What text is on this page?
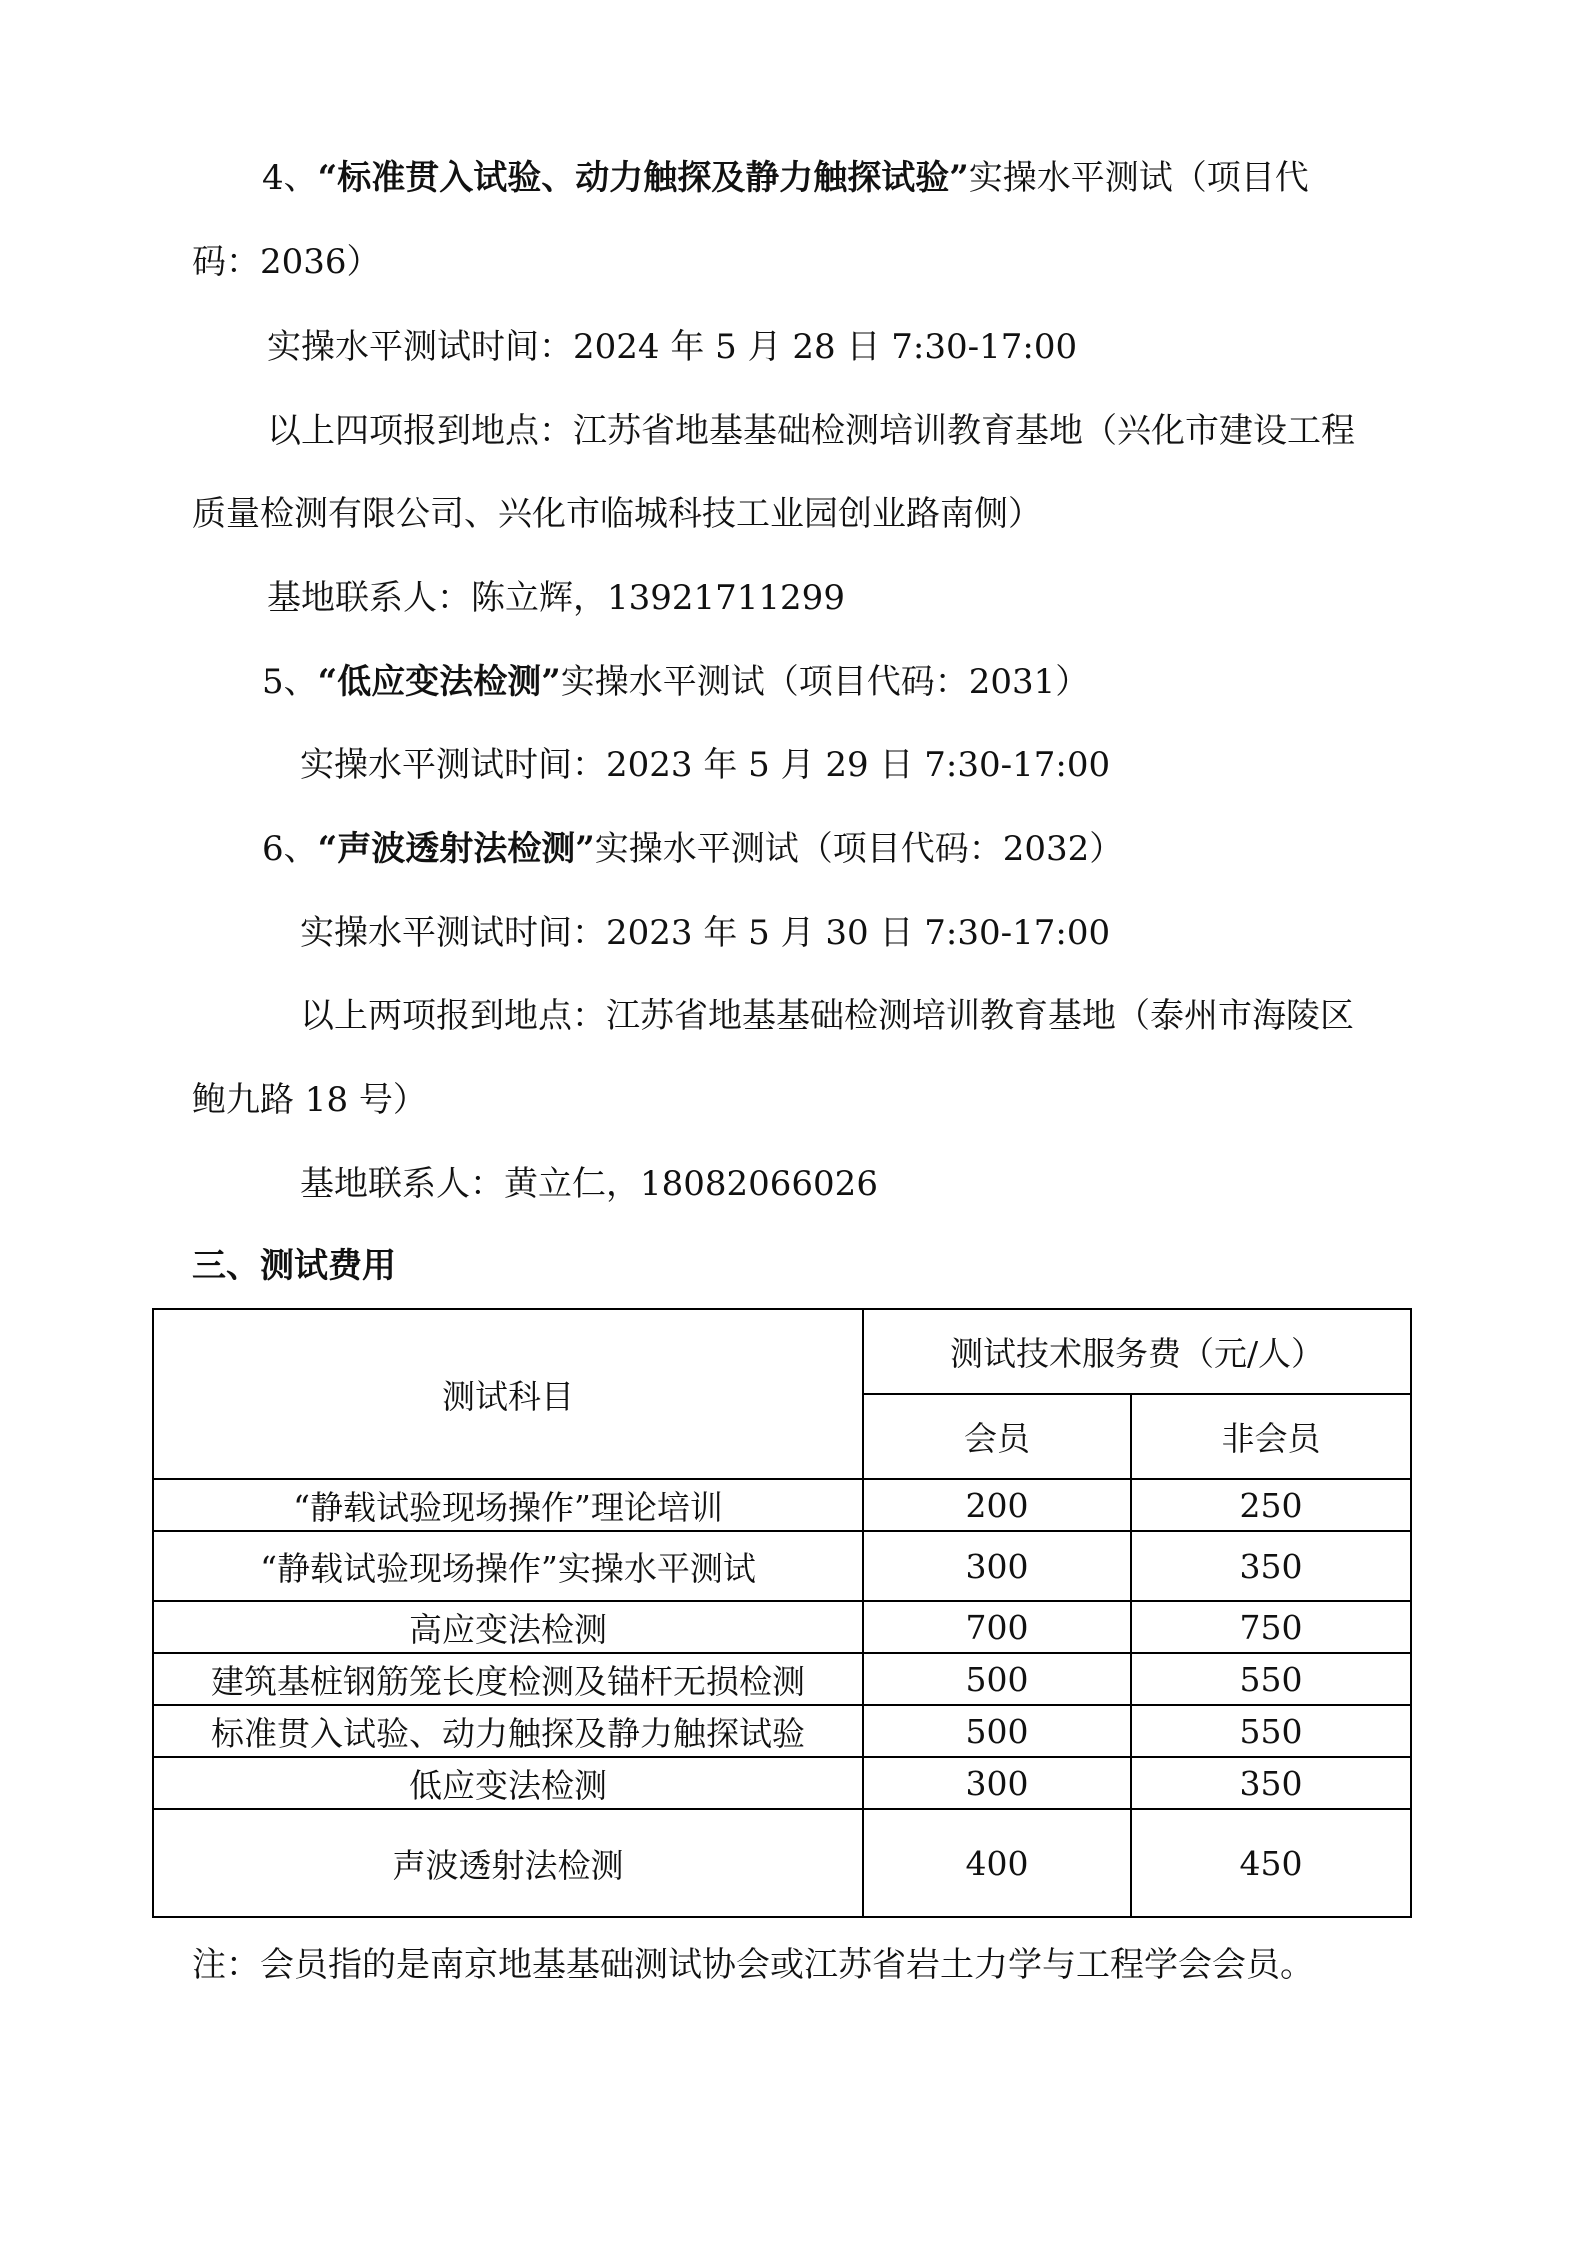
4、“标准贯入试验、动力触探及静力触探试验”实操水平测试（项目代
码：2036）
实操水平测试时间：2024 年 5 月 28 日 7:30-17:00
以上四项报到地点：江苏省地基基础检测培训教育基地（兴化市建设工程
质量检测有限公司、兴化市临城科技工业园创业路南侧）
基地联系人：陈立辉，13921711299
5、“低应变法检测”实操水平测试（项目代码：2031）
实操水平测试时间：2023 年 5 月 29 日 7:30-17:00
6、“声波透射法检测”实操水平测试（项目代码：2032）
实操水平测试时间：2023 年 5 月 30 日 7:30-17:00
以上两项报到地点：江苏省地基基础检测培训教育基地（泰州市海陵区
鲍九路 18 号）
基地联系人：黄立仁，18082066026
三、测试费用
测试科目	测试技术服务费（元/人）	
	会员	非会员
“静载试验现场操作”理论培训	200	250
“静载试验现场操作”实操水平测试	300	350
高应变法检测	700	750
建筑基桩钢筋笼长度检测及锚杆无损检测	500	550
标准贯入试验、动力触探及静力触探试验	500	550
低应变法检测	300	350
声波透射法检测	400	450
注：会员指的是南京地基基础测试协会或江苏省岩土力学与工程学会会员。
